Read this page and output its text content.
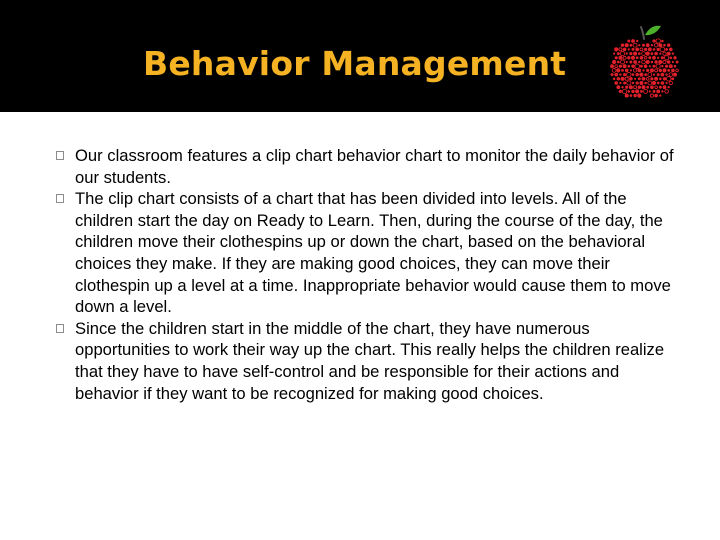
Behavior Management
Our classroom features a clip chart behavior chart to monitor the daily behavior of our students.
The clip chart consists of a chart that has been divided into levels. All of the children start the day on Ready to Learn. Then, during the course of the day, the children move their clothespins up or down the chart, based on the behavioral choices they make. If they are making good choices, they can move their clothespin up a level at a time. Inappropriate behavior would cause them to move down a level.
Since the children start in the middle of the chart, they have numerous opportunities to work their way up the chart. This really helps the children realize that they have to have self-control and be responsible for their actions and behavior if they want to be recognized for making good choices.
